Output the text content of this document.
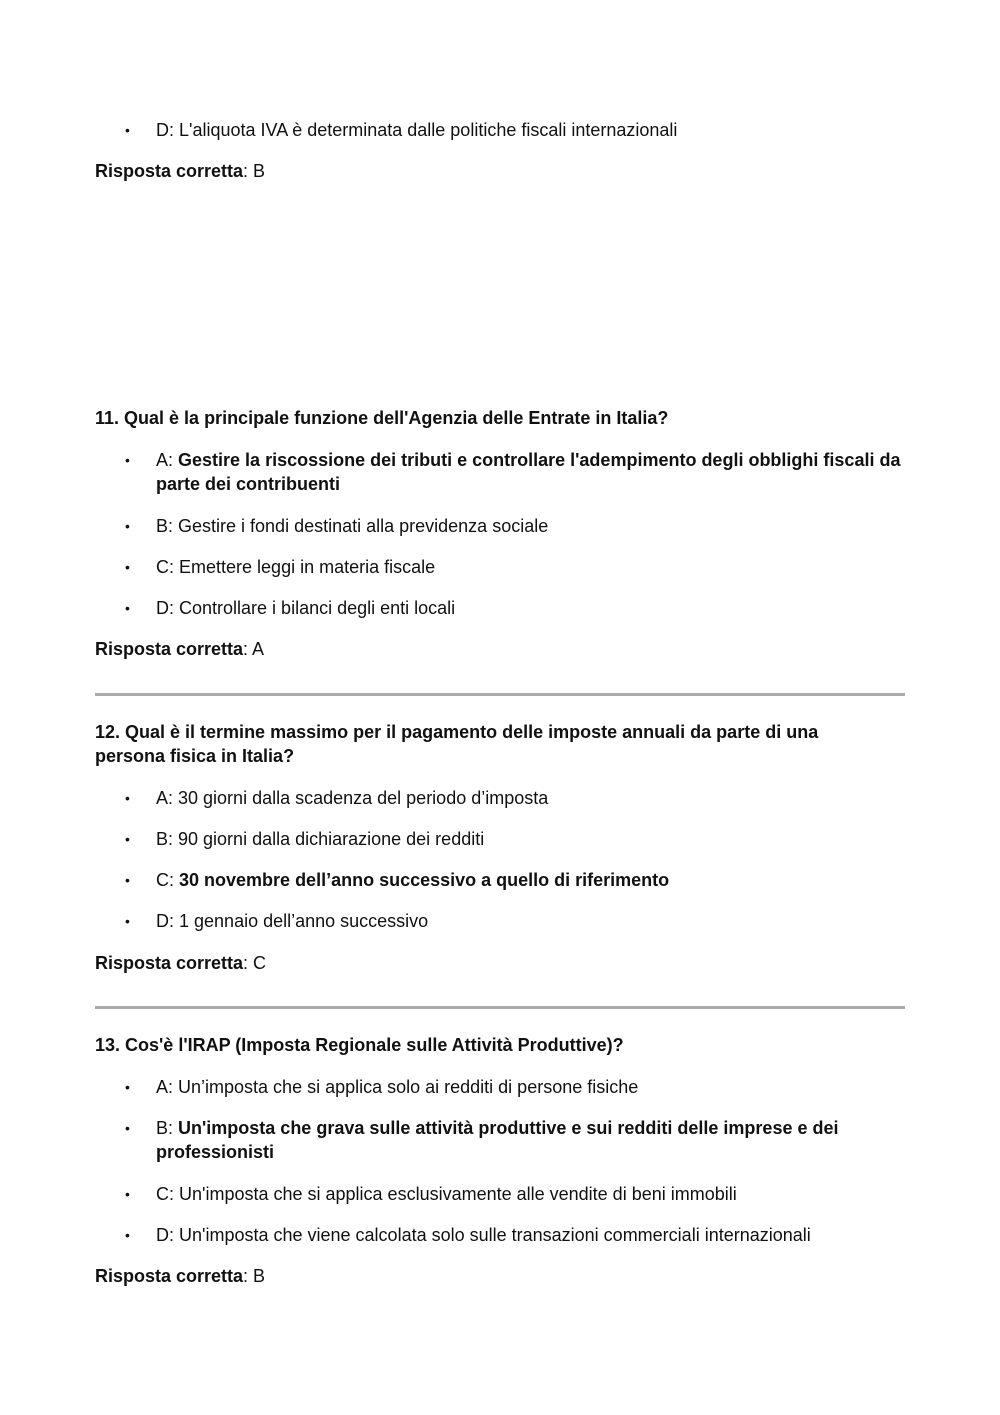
• D: L'aliquota IVA è determinata dalle politiche fiscali internazionali
Risposta corretta: B
11. Qual è la principale funzione dell'Agenzia delle Entrate in Italia?
• A: Gestire la riscossione dei tributi e controllare l'adempimento degli obblighi fiscali da parte dei contribuenti
• B: Gestire i fondi destinati alla previdenza sociale
• C: Emettere leggi in materia fiscale
• D: Controllare i bilanci degli enti locali
Risposta corretta: A
12. Qual è il termine massimo per il pagamento delle imposte annuali da parte di una persona fisica in Italia?
• A: 30 giorni dalla scadenza del periodo d’imposta
• B: 90 giorni dalla dichiarazione dei redditi
• C: 30 novembre dell’anno successivo a quello di riferimento
• D: 1 gennaio dell’anno successivo
Risposta corretta: C
13. Cos'è l'IRAP (Imposta Regionale sulle Attività Produttive)?
• A: Un’imposta che si applica solo ai redditi di persone fisiche
• B: Un'imposta che grava sulle attività produttive e sui redditi delle imprese e dei professionisti
• C: Un'imposta che si applica esclusivamente alle vendite di beni immobili
• D: Un'imposta che viene calcolata solo sulle transazioni commerciali internazionali
Risposta corretta: B
